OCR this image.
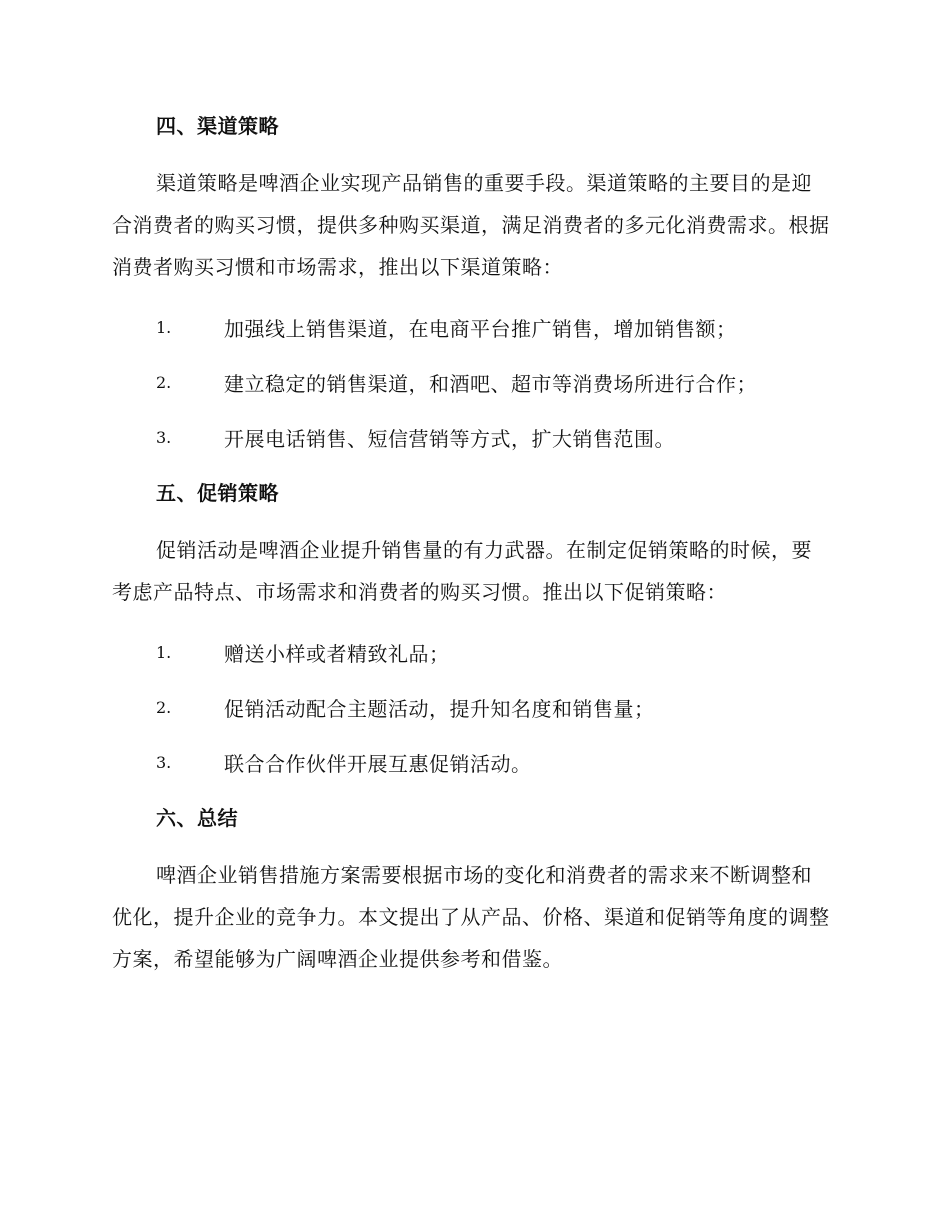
四、渠道策略

渠道策略是啤酒企业实现产品销售的重要手段。渠道策略的主要目的是迎合消费者的购买习惯，提供多种购买渠道，满足消费者的多元化消费需求。根据消费者购买习惯和市场需求，推出以下渠道策略：

1.	加强线上销售渠道，在电商平台推广销售，增加销售额；
2.	建立稳定的销售渠道，和酒吧、超市等消费场所进行合作；
3.	开展电话销售、短信营销等方式，扩大销售范围。
五、促销策略

促销活动是啤酒企业提升销售量的有力武器。在制定促销策略的时候，要考虑产品特点、市场需求和消费者的购买习惯。推出以下促销策略：

1.	赠送小样或者精致礼品；
2.	促销活动配合主题活动，提升知名度和销售量；
3.	联合合作伙伴开展互惠促销活动。
六、总结

啤酒企业销售措施方案需要根据市场的变化和消费者的需求来不断调整和优化，提升企业的竞争力。本文提出了从产品、价格、渠道和促销等角度的调整方案，希望能够为广阔啤酒企业提供参考和借鉴。
